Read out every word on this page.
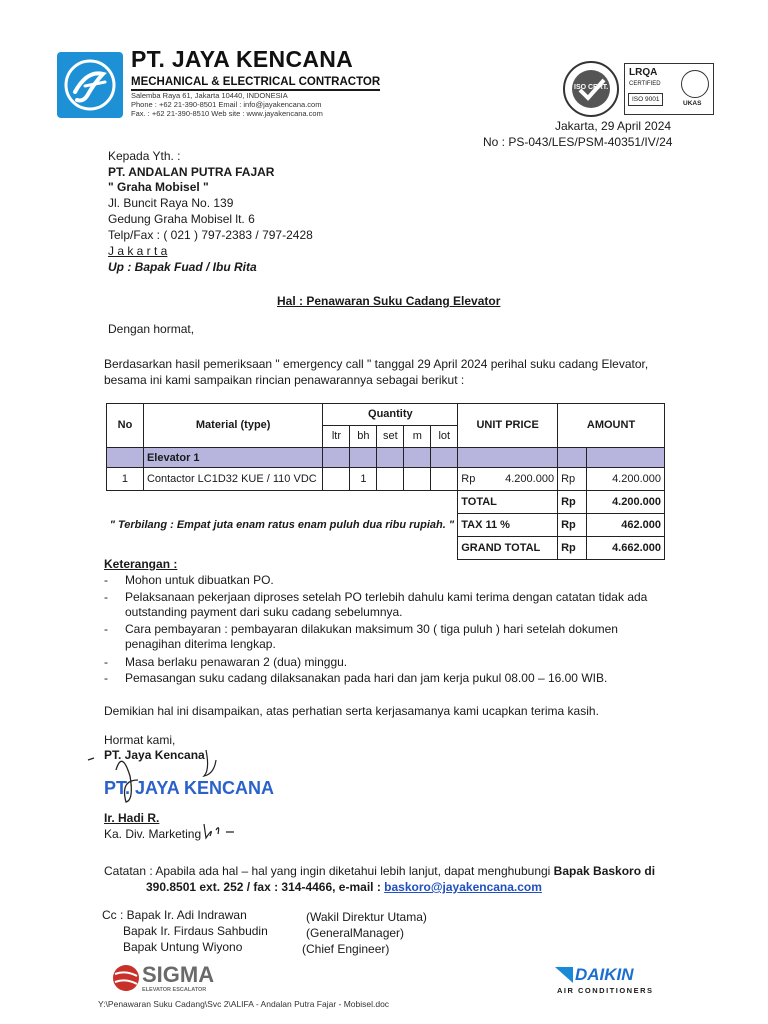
PT. JAYA KENCANA
MECHANICAL & ELECTRICAL CONTRACTOR
Salemba Raya 61, Jakarta 10440, INDONESIA
Phone : +62 21-390-8501 Email : info@jayakencana.com
Fax. : +62 21-390-8510 Web site : www.jayakencana.com
ISO CERT.
LRQA
CERTIFIED
ISO 9001
UKAS
Jakarta, 29 April 2024
No : PS-043/LES/PSM-40351/IV/24
Kepada Yth. :
PT. ANDALAN PUTRA FAJAR
" Graha Mobisel "
Jl. Buncit Raya No. 139
Gedung Graha Mobisel lt. 6
Telp/Fax : ( 021 ) 797-2383 / 797-2428
J a k a r t a
Up : Bapak Fuad / Ibu Rita
Hal : Penawaran Suku Cadang Elevator
Dengan hormat,
Berdasarkan hasil pemeriksaan " emergency call " tanggal 29 April 2024 perihal suku cadang Elevator,
besama ini kami sampaikan rincian penawarannya sebagai berikut :
No	Material (type)	Quantity					UNIT PRICE	AMOUNT	
		ltr	bh	set	m	lot			
	Elevator 1								
1	Contactor LC1D32 KUE / 110 VDC		1				Rp 4.200.000	Rp	4.200.000
" Terbilang : Empat juta enam ratus enam puluh dua ribu rupiah. "							TOTAL	Rp	4.200.000
							TAX 11 %	Rp	462.000
							GRAND TOTAL	Rp	4.662.000
Keterangan :
- Mohon untuk dibuatkan PO.
- Pelaksanaan pekerjaan diproses setelah PO terlebih dahulu kami terima dengan catatan tidak ada outstanding payment dari suku cadang sebelumnya.
- Cara pembayaran : pembayaran dilakukan maksimum 30 ( tiga puluh ) hari setelah dokumen penagihan diterima lengkap.
- Masa berlaku penawaran 2 (dua) minggu.
- Pemasangan suku cadang dilaksanakan pada hari dan jam kerja pukul 08.00 – 16.00 WIB.
Demikian hal ini disampaikan, atas perhatian serta kerjasamanya kami ucapkan terima kasih.
Hormat kami,
PT. Jaya Kencana
PT. JAYA KENCANA
Ir. Hadi R.
Ka. Div. Marketing
Catatan : Apabila ada hal – hal yang ingin diketahui lebih lanjut, dapat menghubungi Bapak Baskoro di
390.8501 ext. 252 / fax : 314-4466, e-mail : baskoro@jayakencana.com
Cc : Bapak Ir. Adi Indrawan	(Wakil Direktur Utama)
Bapak Ir. Firdaus Sahbudin	(GeneralManager)
Bapak Untung Wiyono	(Chief Engineer)
SIGMA
ELEVATOR ESCALATOR
DAIKIN
AIR CONDITIONERS
Y:\Penawaran Suku Cadang\Svc 2\ALIFA - Andalan Putra Fajar - Mobisel.doc
